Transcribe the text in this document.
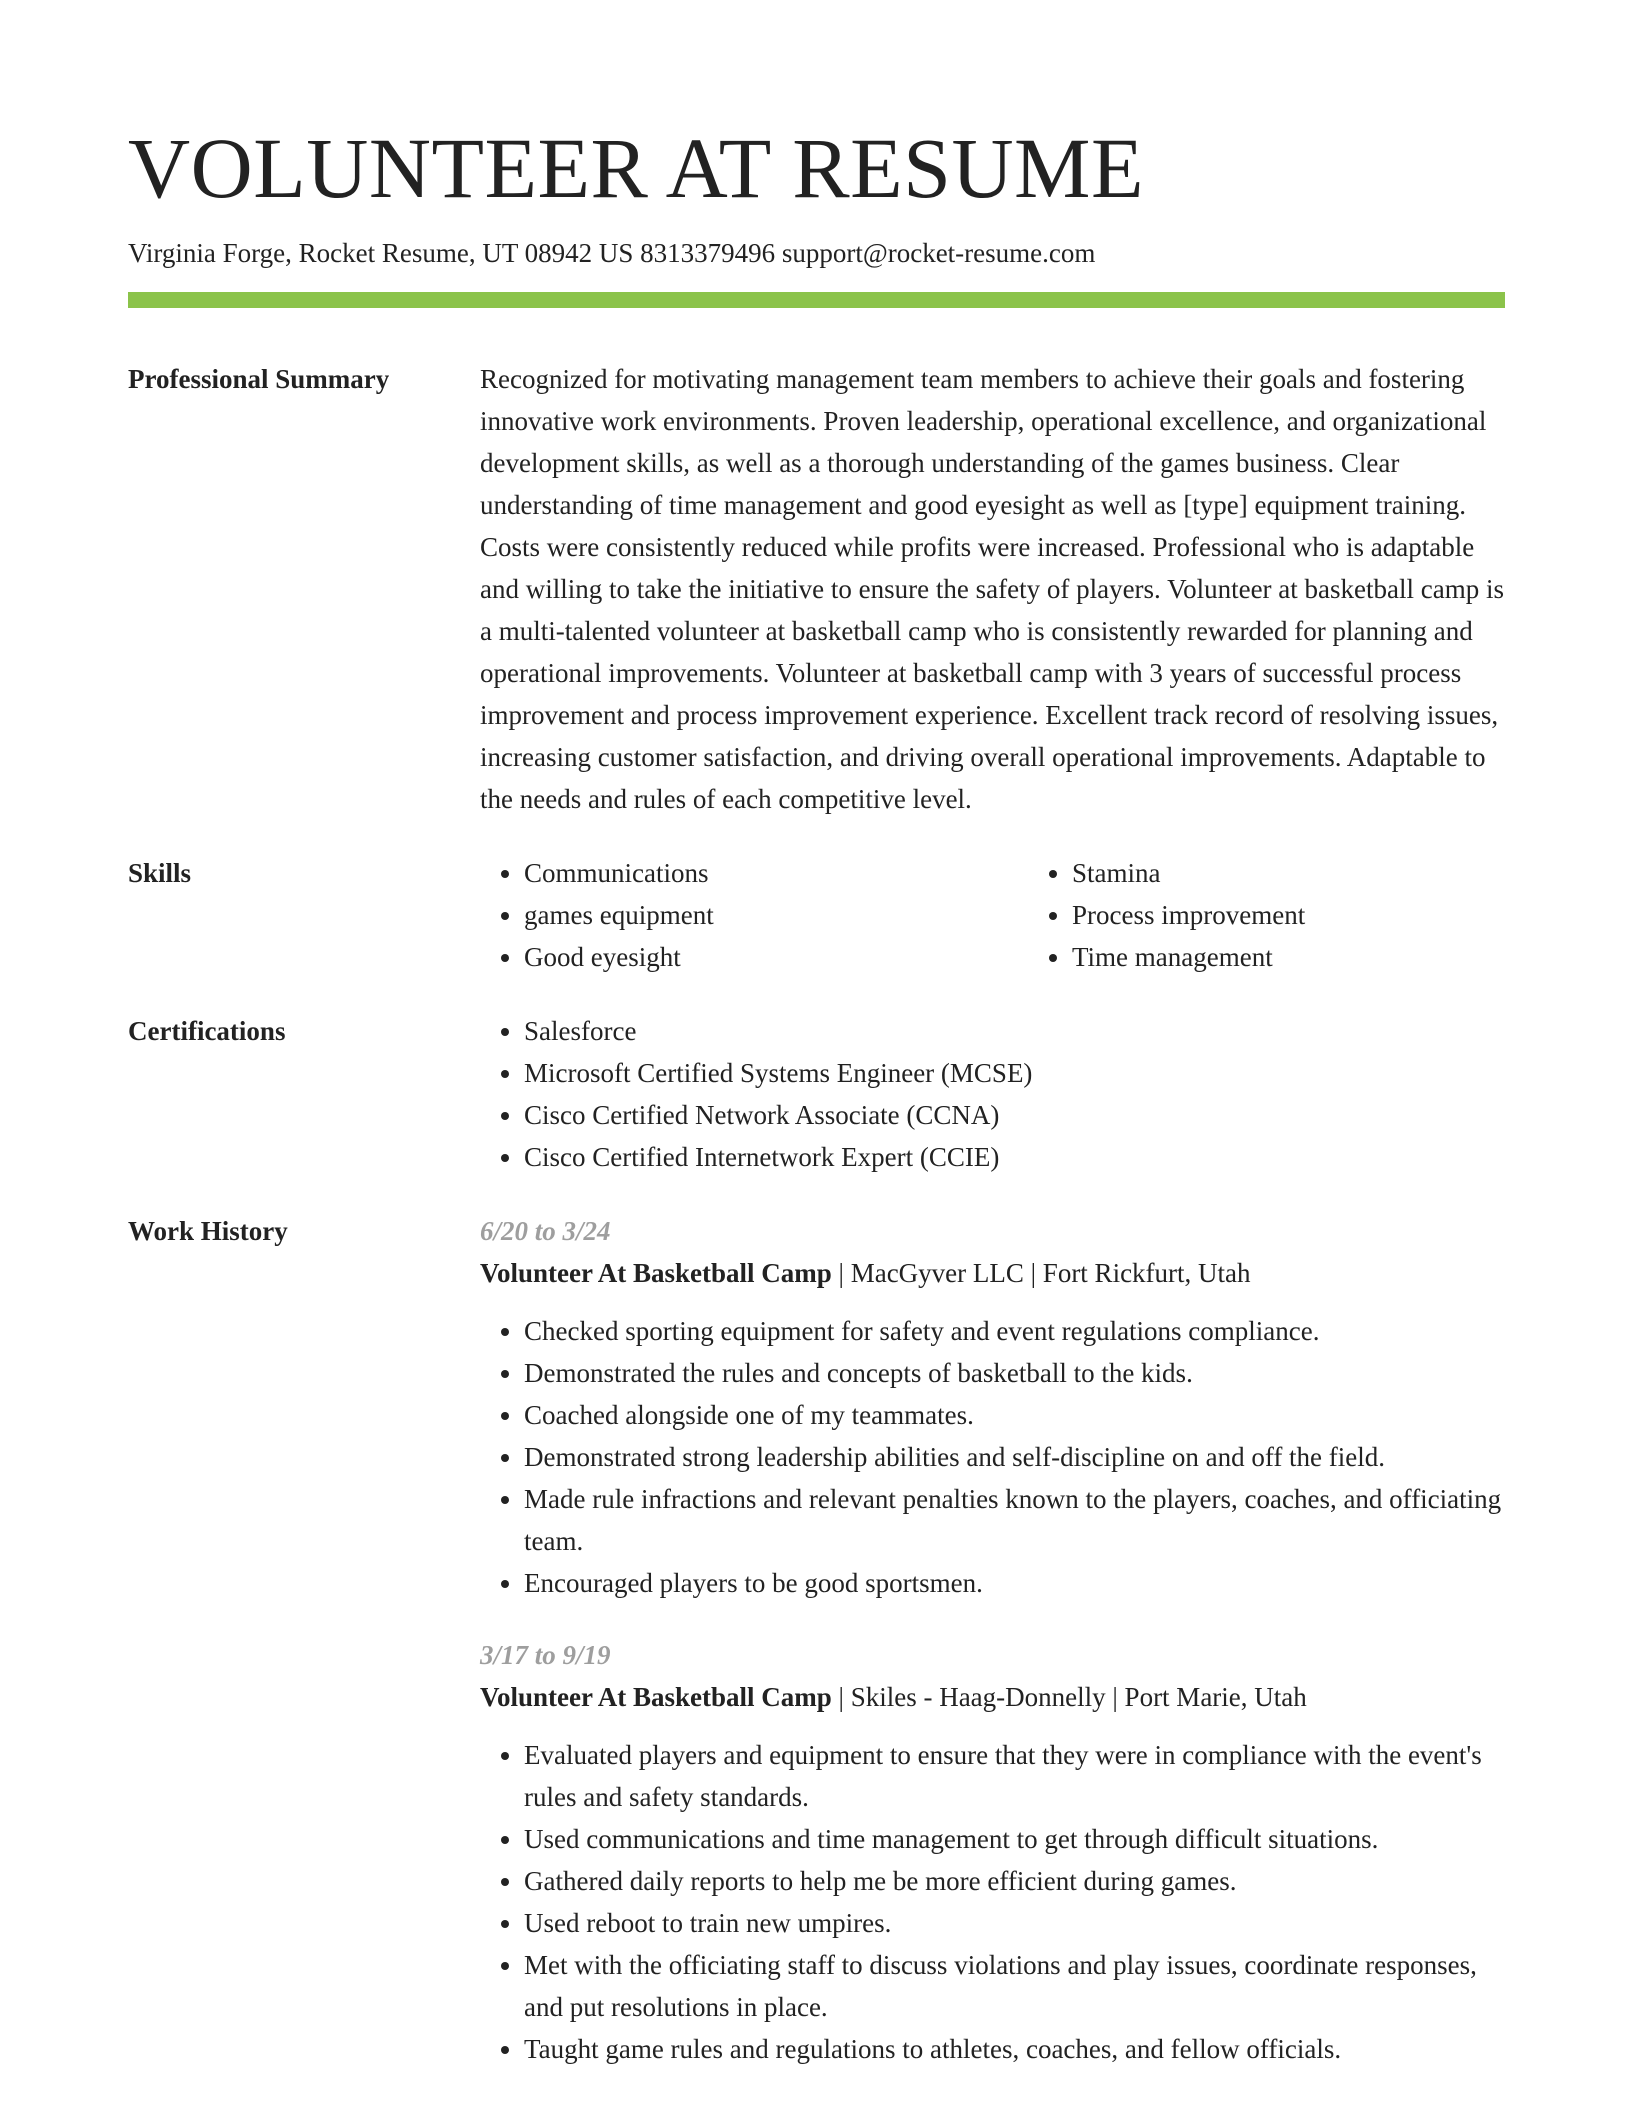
VOLUNTEER AT RESUME
Virginia Forge, Rocket Resume, UT 08942 US 8313379496 support@rocket-resume.com
Professional Summary	Recognized for motivating management team members to achieve their goals and fostering innovative work environments. Proven leadership, operational excellence, and organizational development skills, as well as a thorough understanding of the games business. Clear understanding of time management and good eyesight as well as [type] equipment training. Costs were consistently reduced while profits were increased. Professional who is adaptable and willing to take the initiative to ensure the safety of players. Volunteer at basketball camp is a multi-talented volunteer at basketball camp who is consistently rewarded for planning and operational improvements. Volunteer at basketball camp with 3 years of successful process improvement and process improvement experience. Excellent track record of resolving issues, increasing customer satisfaction, and driving overall operational improvements. Adaptable to the needs and rules of each competitive level.
Skills	• Communications
• games equipment
• Good eyesight
• Stamina
• Process improvement
• Time management
Certifications	• Salesforce
• Microsoft Certified Systems Engineer (MCSE)
• Cisco Certified Network Associate (CCNA)
• Cisco Certified Internetwork Expert (CCIE)
Work History	6/20 to 3/24
Volunteer At Basketball Camp | MacGyver LLC | Fort Rickfurt, Utah
• Checked sporting equipment for safety and event regulations compliance.
• Demonstrated the rules and concepts of basketball to the kids.
• Coached alongside one of my teammates.
• Demonstrated strong leadership abilities and self-discipline on and off the field.
• Made rule infractions and relevant penalties known to the players, coaches, and officiating team.
• Encouraged players to be good sportsmen.
3/17 to 9/19
Volunteer At Basketball Camp | Skiles - Haag-Donnelly | Port Marie, Utah
• Evaluated players and equipment to ensure that they were in compliance with the event's rules and safety standards.
• Used communications and time management to get through difficult situations.
• Gathered daily reports to help me be more efficient during games.
• Used reboot to train new umpires.
• Met with the officiating staff to discuss violations and play issues, coordinate responses, and put resolutions in place.
• Taught game rules and regulations to athletes, coaches, and fellow officials.
